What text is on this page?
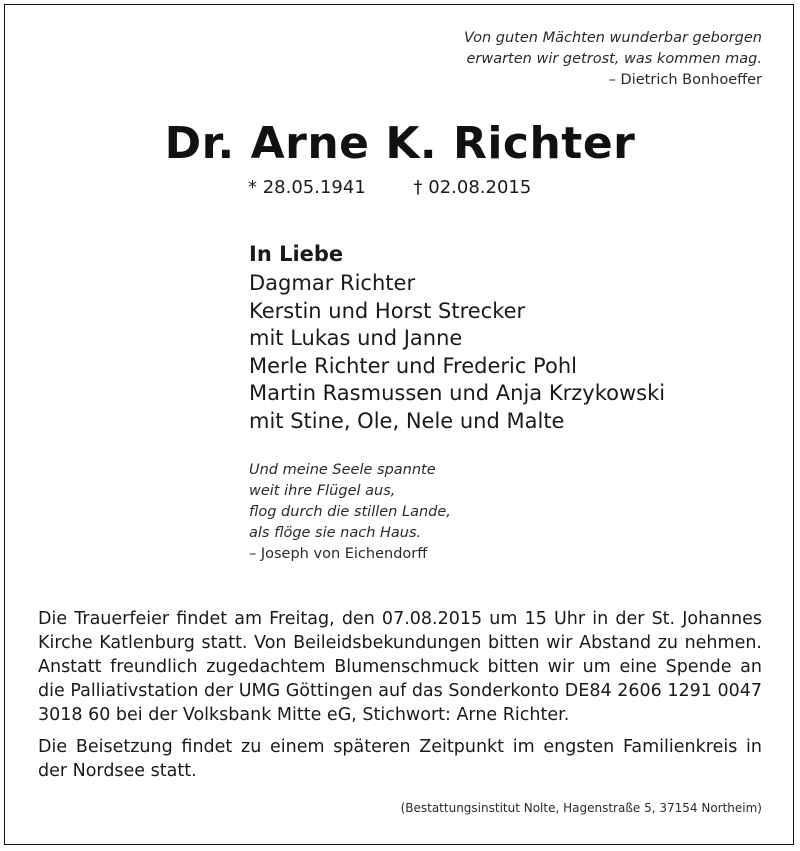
Von guten Mächten wunderbar geborgen
erwarten wir getrost, was kommen mag.
– Dietrich Bonhoeffer
Dr. Arne K. Richter
* 28.05.1941	† 02.08.2015
In Liebe
Dagmar Richter
Kerstin und Horst Strecker
mit Lukas und Janne
Merle Richter und Frederic Pohl
Martin Rasmussen und Anja Krzykowski
mit Stine, Ole, Nele und Malte
Und meine Seele spannte
weit ihre Flügel aus,
flog durch die stillen Lande,
als flöge sie nach Haus.
– Joseph von Eichendorff

Die Trauerfeier findet am Freitag, den 07.08.2015 um 15 Uhr in der St. Johannes Kirche Katlenburg statt. Von Beileidsbekundungen bitten wir Abstand zu nehmen. Anstatt freundlich zugedachtem Blumenschmuck bitten wir um eine Spende an die Palliativstation der UMG Göttingen auf das Sonderkonto DE84 2606 1291 0047 3018 60 bei der Volksbank Mitte eG, Stichwort: Arne Richter.

Die Beisetzung findet zu einem späteren Zeitpunkt im engsten Familienkreis in der Nordsee statt.

(Bestattungsinstitut Nolte, Hagenstraße 5, 37154 Northeim)
